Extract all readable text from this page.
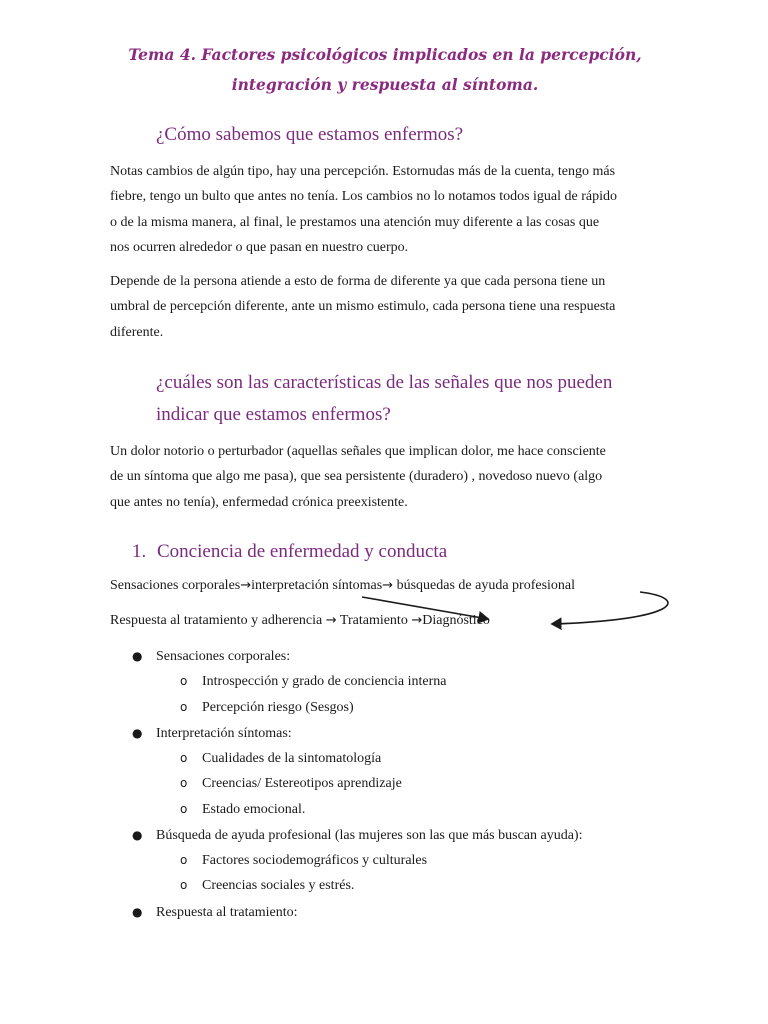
Tema 4. Factores psicológicos implicados en la percepción, integración y respuesta al síntoma.
¿Cómo sabemos que estamos enfermos?
Notas cambios de algún tipo, hay una percepción. Estornudas más de la cuenta, tengo más
fiebre, tengo un bulto que antes no tenía. Los cambios no lo notamos todos igual de rápido
o de la misma manera, al final, le prestamos una atención muy diferente a las cosas que
nos ocurren alrededor o que pasan en nuestro cuerpo.
Depende de la persona atiende a esto de forma de diferente ya que cada persona tiene un
umbral de percepción diferente, ante un mismo estimulo, cada persona tiene una respuesta
diferente.
¿cuáles son las características de las señales que nos pueden
indicar que estamos enfermos?
Un dolor notorio o perturbador (aquellas señales que implican dolor, me hace consciente
de un síntoma que algo me pasa), que sea persistente (duradero) , novedoso nuevo (algo
que antes no tenía), enfermedad crónica preexistente.
1. Conciencia de enfermedad y conducta
Sensaciones corporales→interpretación síntomas→ búsquedas de ayuda profesional
Respuesta al tratamiento y adherencia → Tratamiento →Diagnóstico
● Sensaciones corporales:
o Introspección y grado de conciencia interna
o Percepción riesgo (Sesgos)
● Interpretación síntomas:
o Cualidades de la sintomatología
o Creencias/ Estereotipos aprendizaje
o Estado emocional.
● Búsqueda de ayuda profesional (las mujeres son las que más buscan ayuda):
o Factores sociodemográficos y culturales
o Creencias sociales y estrés.
● Respuesta al tratamiento:
